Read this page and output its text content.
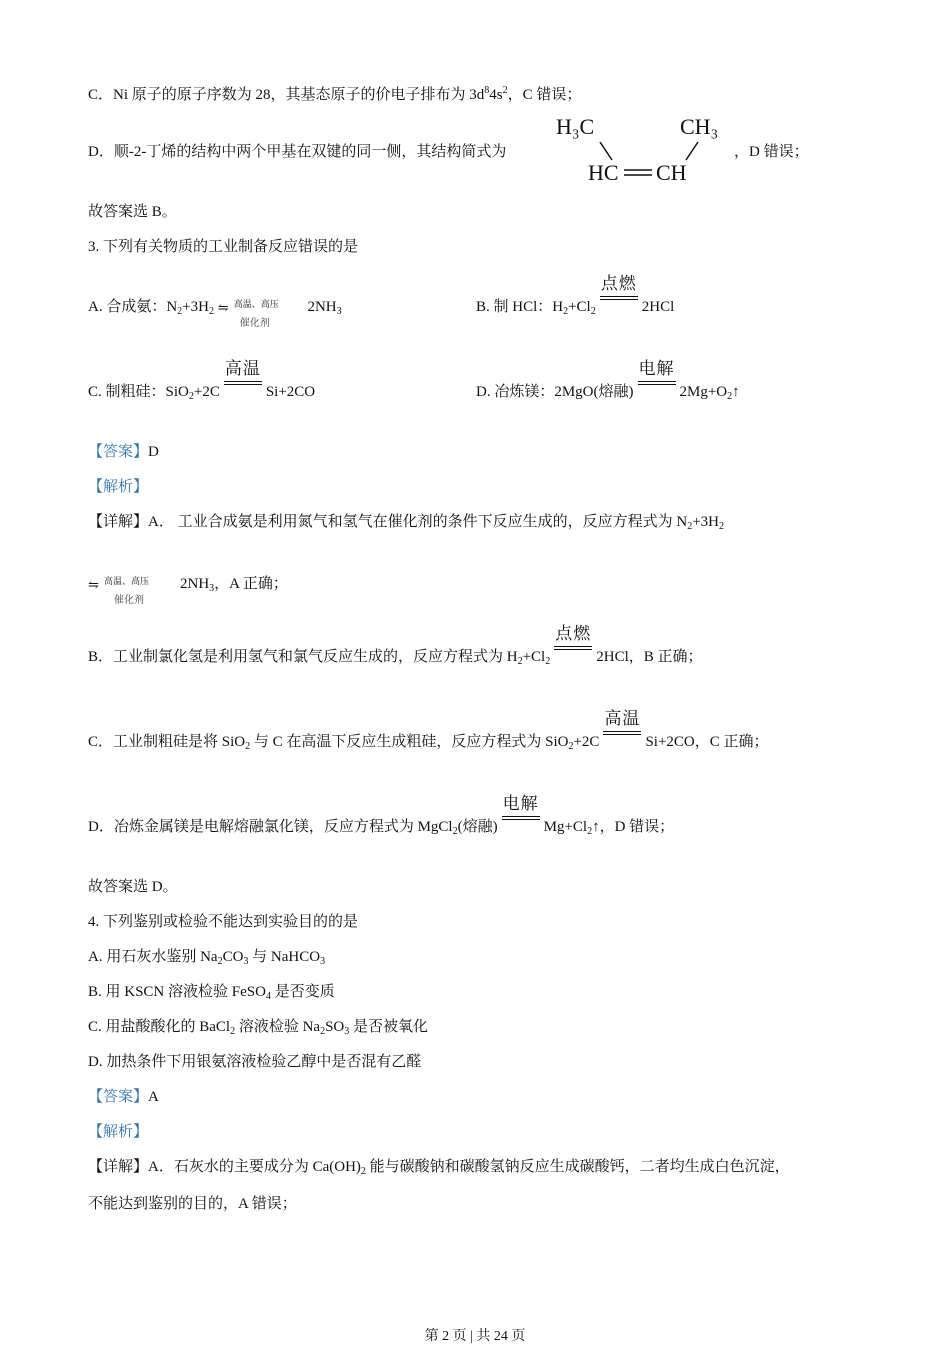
C．Ni 原子的原子序数为 28，其基态原子的价电子排布为 $3d^84s^2$，C 错误；
D．顺-2-丁烯的结构中两个甲基在双键的同一侧，其结构简式为
H₃C	CH₃
HC CH
，D 错误；
故答案选 B。
3. 下列有关物质的工业制备反应错误的是
A. 合成氨：$N_2+3H_2$ ⇋ 高温、高压
催化剂
$2NH_3$	B. 制 HCl：$H_2+Cl_2$
点燃
2HCl
C. 制粗硅：SiO$_2$+2C
高温
Si+2CO	D. 冶炼镁：2MgO(熔融)
电解
$2Mg+O_2↑$
【答案】D
【解析】
【详解】A． 工业合成氨是利用氮气和氢气在催化剂的条件下反应生成的，反应方程式为 $N_2+3H_2$
⇋ 高温、高压
催化剂
$2NH_3$，A 正确；
B．工业制氯化氢是利用氢气和氯气反应生成的，反应方程式为 $H_2+Cl_2$
点燃
2HCl，B 正确；
C．工业制粗硅是将 SiO$_2$ 与 C 在高温下反应生成粗硅，反应方程式为 SiO$_2$+2C
高温
Si+2CO，C 正确；
D．冶炼金属镁是电解熔融氯化镁，反应方程式为 MgCl$_2$(熔融)
电解
$Mg+Cl_2↑$，D 错误；
故答案选 D。
4. 下列鉴别或检验不能达到实验目的的是
A. 用石灰水鉴别 $Na_2CO_3$ 与 NaHCO$_3$
B. 用 KSCN 溶液检验 FeSO$_4$ 是否变质
C. 用盐酸酸化的 BaCl$_2$ 溶液检验 $Na_2SO_3$ 是否被氧化
D. 加热条件下用银氨溶液检验乙醇中是否混有乙醛
【答案】A
【解析】
【详解】A．石灰水的主要成分为 $Ca(OH)_2$ 能与碳酸钠和碳酸氢钠反应生成碳酸钙，二者均生成白色沉淀，
不能达到鉴别的目的，A 错误；
第 2 页 | 共 24 页
